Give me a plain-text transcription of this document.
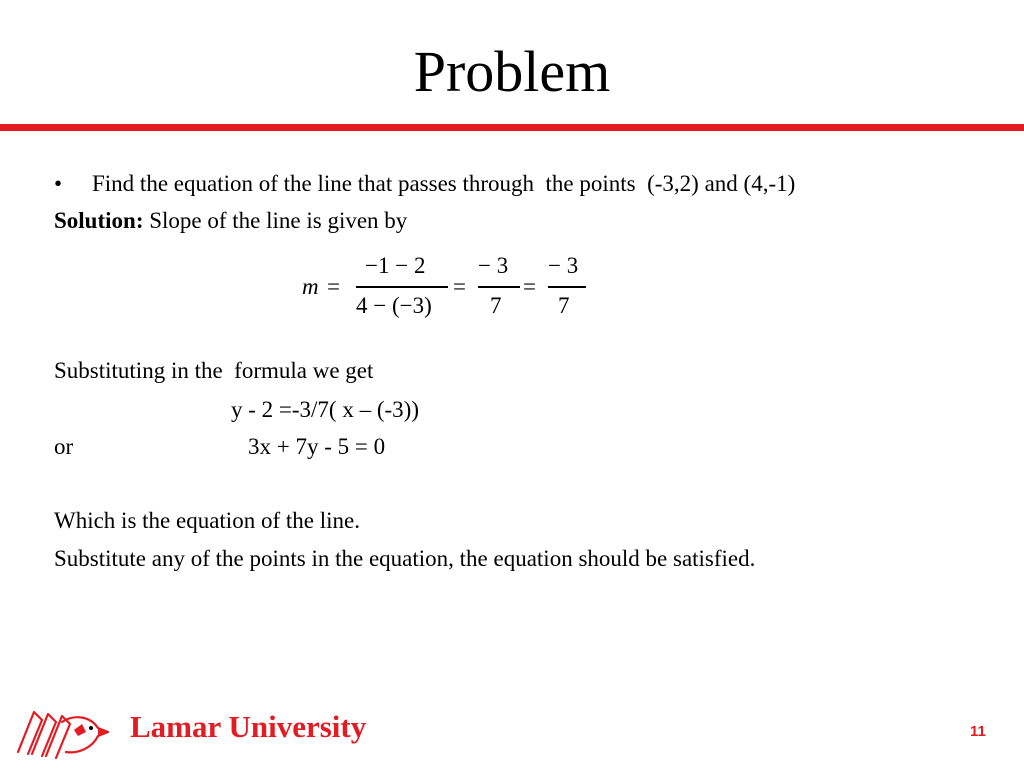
Problem

•

Find the equation of the line that passes through  the points  (-3,2) and (4,-1)

Solution: Slope of the line is given by
m =
−1 − 2
4 − (−3)
=
− 3
7
=
− 3
7
Substituting in the  formula we get
y - 2 =-3/7( x – (-3))
or	3x + 7y - 5 = 0
Which is the equation of the line.
Substitute any of the points in the equation, the equation should be satisfied.
Lamar University	11
